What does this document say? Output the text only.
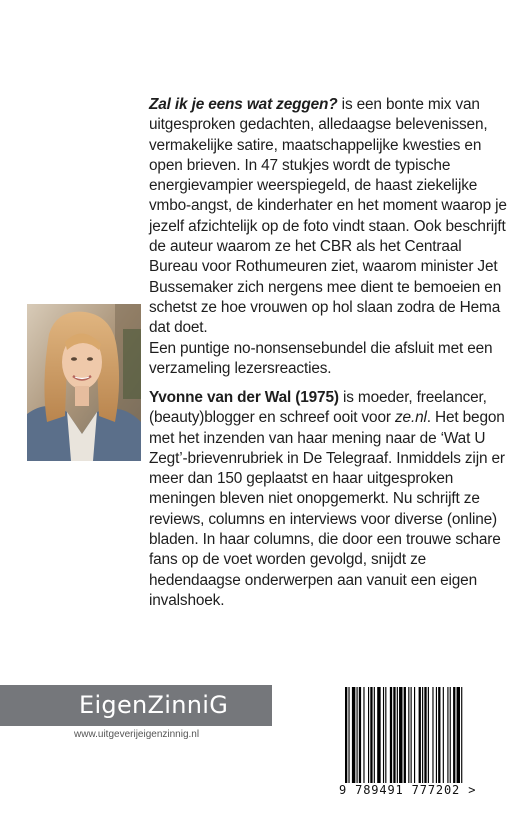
Zal ik je eens wat zeggen? is een bonte mix van uitgesproken gedachten, alledaagse belevenissen, vermakelijke satire, maatschappelijke kwesties en open brieven. In 47 stukjes wordt de typische energievampier weerspiegeld, de haast ziekelijke vmbo-angst, de kinderhater en het moment waarop je jezelf afzichtelijk op de foto vindt staan. Ook beschrijft de auteur waarom ze het CBR als het Centraal Bureau voor Rothumeuren ziet, waarom minister Jet Bussemaker zich nergens mee dient te bemoeien en schetst ze hoe vrouwen op hol slaan zodra de Hema dat doet.

Een puntige no-nonsensebundel die afsluit met een verzameling lezersreacties.

Yvonne van der Wal (1975) is moeder, freelancer, (beauty)blogger en schreef ooit voor ze.nl. Het begon met het inzenden van haar mening naar de ‘Wat U Zegt’-brievenrubriek in De Telegraaf. Inmiddels zijn er meer dan 150 geplaatst en haar uitgesproken meningen bleven niet onopgemerkt. Nu schrijft ze reviews, columns en interviews voor diverse (online) bladen. In haar columns, die door een trouwe schare fans op de voet worden gevolgd, snijdt ze hedendaagse onderwerpen aan vanuit een eigen invalshoek.

EigenZinniG
www.uitgeverijeigenzinnig.nl
9 789491 777202 >
